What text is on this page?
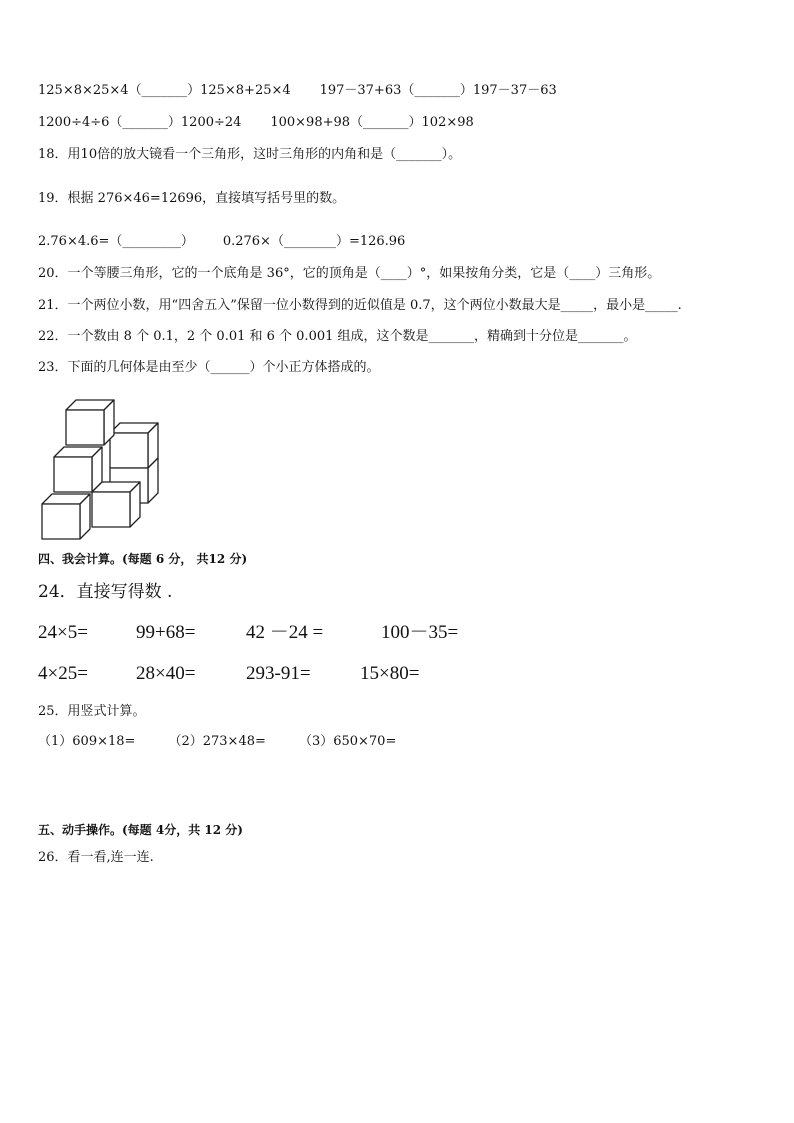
125×8×25×4（_______）125×8+25×4       197－37+63（_______）197－37－63
1200÷4÷6（_______）1200÷24       100×98+98（_______）102×98
18．用10倍的放大镜看一个三角形，这时三角形的内角和是（_______）。
19．根据 276×46=12696，直接填写括号里的数。
2.76×4.6=（_________）       0.276×（________）=126.96
20．一个等腰三角形，它的一个底角是 36°，它的顶角是（____）°，如果按角分类，它是（____）三角形。
21．一个两位小数，用“四舍五入”保留一位小数得到的近似值是 0.7，这个两位小数最大是_____，最小是_____.
22．一个数由 8 个 0.1，2 个 0.01 和 6 个 0.001 组成，这个数是_______，精确到十分位是_______。
23．下面的几何体是由至少（______）个小正方体搭成的。
四、我会计算。(每题 6 分， 共12 分)
24．直接写得数 .
24×5=	99+68=	42 －24 =	100－35=
4×25=	28×40=	293-91=	15×80=
25．用竖式计算。
（1）609×18=        （2）273×48=        （3）650×70=
五、动手操作。(每题 4分，共 12 分)
26．看一看,连一连.
